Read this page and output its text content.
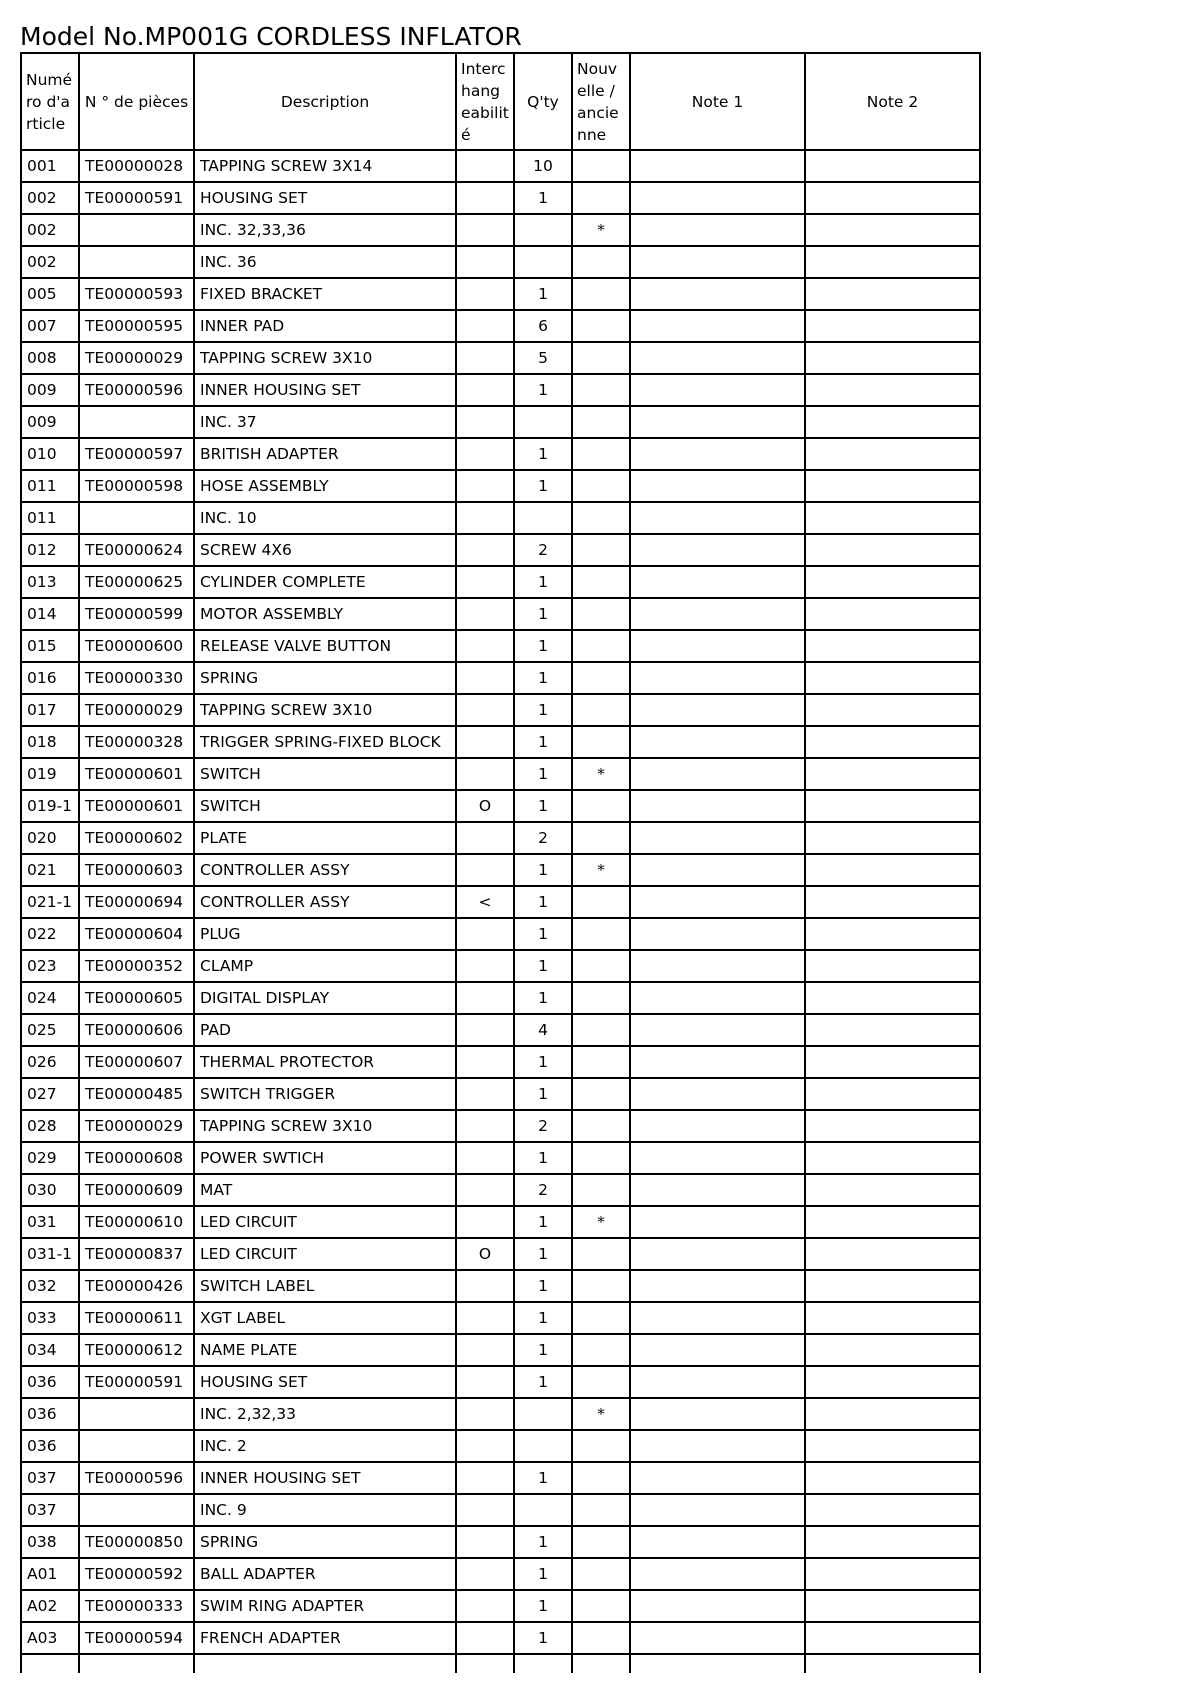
Model No.MP001G CORDLESS INFLATOR
Numéro d'article	N ° de pièces	Description	Interchangeabilité	Q'ty	Nouvelle / ancienne	Note 1	Note 2
001	TE00000028	TAPPING SCREW 3X14		10			
002	TE00000591	HOUSING SET		1			
002		INC. 32,33,36			*		
002		INC. 36					
005	TE00000593	FIXED BRACKET		1			
007	TE00000595	INNER PAD		6			
008	TE00000029	TAPPING SCREW 3X10		5			
009	TE00000596	INNER HOUSING SET		1			
009		INC. 37					
010	TE00000597	BRITISH ADAPTER		1			
011	TE00000598	HOSE ASSEMBLY		1			
011		INC. 10					
012	TE00000624	SCREW 4X6		2			
013	TE00000625	CYLINDER COMPLETE		1			
014	TE00000599	MOTOR ASSEMBLY		1			
015	TE00000600	RELEASE VALVE BUTTON		1			
016	TE00000330	SPRING		1			
017	TE00000029	TAPPING SCREW 3X10		1			
018	TE00000328	TRIGGER SPRING-FIXED BLOCK		1			
019	TE00000601	SWITCH		1	*		
019-1	TE00000601	SWITCH	O	1			
020	TE00000602	PLATE		2			
021	TE00000603	CONTROLLER ASSY		1	*		
021-1	TE00000694	CONTROLLER ASSY	<	1			
022	TE00000604	PLUG		1			
023	TE00000352	CLAMP		1			
024	TE00000605	DIGITAL DISPLAY		1			
025	TE00000606	PAD		4			
026	TE00000607	THERMAL PROTECTOR		1			
027	TE00000485	SWITCH TRIGGER		1			
028	TE00000029	TAPPING SCREW 3X10		2			
029	TE00000608	POWER SWTICH		1			
030	TE00000609	MAT		2			
031	TE00000610	LED CIRCUIT		1	*		
031-1	TE00000837	LED CIRCUIT	O	1			
032	TE00000426	SWITCH LABEL		1			
033	TE00000611	XGT LABEL		1			
034	TE00000612	NAME PLATE		1			
036	TE00000591	HOUSING SET		1			
036		INC. 2,32,33			*		
036		INC. 2					
037	TE00000596	INNER HOUSING SET		1			
037		INC. 9					
038	TE00000850	SPRING		1			
A01	TE00000592	BALL ADAPTER		1			
A02	TE00000333	SWIM RING ADAPTER		1			
A03	TE00000594	FRENCH ADAPTER		1			
